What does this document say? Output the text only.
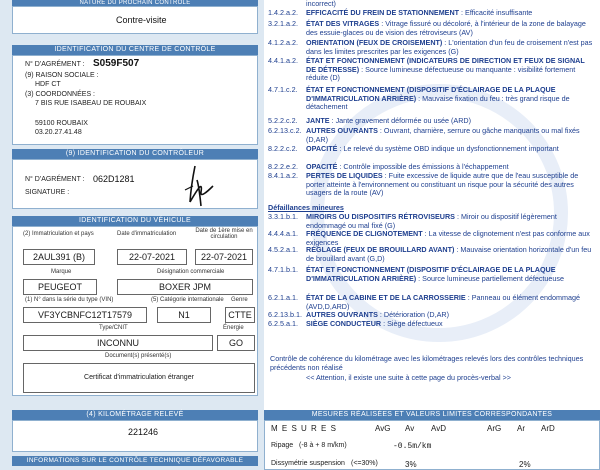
NATURE DU PROCHAIN CONTRÔLE
Contre-visite
IDENTIFICATION DU CENTRE DE CONTRÔLE
N° D'AGRÉMENT : S059F507
(9) RAISON SOCIALE :
HDF CT
(3) COORDONNÉES :
7 BIS RUE ISABEAU DE ROUBAIX
59100 ROUBAIX
03.20.27.41.48
(9) IDENTIFICATION DU CONTRÔLEUR
N° D'AGRÉMENT : 062D1281
SIGNATURE :
IDENTIFICATION DU VÉHICULE
(2) Immatriculation et pays	Date d'immatriculation	Date de 1ère mise en circulation
2AUL391 (B)	22-07-2021	22-07-2021
Marque	Désignation commerciale
PEUGEOT	BOXER JPM
(1) N° dans la série du type (VIN)	(5) Catégorie internationale Genre
VF3YCBNFC12T17579	N1	CTTE
Type/CNIT	Énergie
INCONNU	GO
Document(s) présenté(s)
Certificat d'immatriculation étranger
(4) KILOMÉTRAGE RELEVÉ
221246
INFORMATIONS SUR LE CONTRÔLE TECHNIQUE DÉFAVORABLE
incorrect)
1.4.2.a.2.	EFFICACITÉ DU FREIN DE STATIONNEMENT : Efficacité insuffisante
3.2.1.a.2.	ÉTAT DES VITRAGES : Vitrage fissuré ou décoloré, à l'intérieur de la zone de balayage des essuie-glaces ou de vision des rétroviseurs (AV)
4.1.2.a.2.	ORIENTATION (FEUX DE CROISEMENT) : L'orientation d'un feu de croisement n'est pas dans les limites prescrites par les exigences (G)
4.4.1.a.2.	ÉTAT ET FONCTIONNEMENT (INDICATEURS DE DIRECTION ET FEUX DE SIGNAL DE DÉTRESSE) : Source lumineuse défectueuse ou manquante : visibilité fortement réduite (D)
4.7.1.c.2.	ÉTAT ET FONCTIONNEMENT (DISPOSITIF D'ÉCLAIRAGE DE LA PLAQUE D'IMMATRICULATION ARRIÈRE) : Mauvaise fixation du feu : très grand risque de détachement
5.2.2.c.2.	JANTE : Jante gravement déformée ou usée (ARD)
6.2.13.c.2. AUTRES OUVRANTS : Ouvrant, charnière, serrure ou gâche manquants ou mal fixés (D,AR)
8.2.2.c.2.	OPACITÉ : Le relevé du système OBD indique un dysfonctionnement important
8.2.2.e.2.	OPACITÉ : Contrôle impossible des émissions à l'échappement
8.4.1.a.2.	PERTES DE LIQUIDES : Fuite excessive de liquide autre que de l'eau susceptible de porter atteinte à l'environnement ou constituant un risque pour la sécurité des autres usagers de la route (AV)
Défaillances mineures
3.3.1.b.1.	MIROIRS OU DISPOSITIFS RÉTROVISEURS : Miroir ou dispositif légèrement endommagé ou mal fixé (G)
4.4.4.a.1.	FRÉQUENCE DE CLIGNOTEMENT : La vitesse de clignotement n'est pas conforme aux exigences
4.5.2.a.1.	RÉGLAGE (FEUX DE BROUILLARD AVANT) : Mauvaise orientation horizontale d'un feu de brouillard avant (G,D)
4.7.1.b.1.	ÉTAT ET FONCTIONNEMENT (DISPOSITIF D'ÉCLAIRAGE DE LA PLAQUE D'IMMATRICULATION ARRIÈRE) : Source lumineuse partiellement défectueuse
6.2.1.a.1.	ÉTAT DE LA CABINE ET DE LA CARROSSERIE : Panneau ou élément endommagé (AVD,D,ARD)
6.2.13.b.1. AUTRES OUVRANTS : Détérioration (D,AR)
6.2.5.a.1.	SIÈGE CONDUCTEUR : Siège défectueux
Contrôle de cohérence du kilométrage avec les kilométrages relevés lors des contrôles techniques précédents non réalisé
<< Attention, il existe une suite à cette page du procès-verbal >>
MESURES RÉALISÉES ET VALEURS LIMITES CORRESPONDANTES
M E S U R E S	AvG Av AvD	ArG Ar ArD
Ripage (-8 à + 8 m/km)	-0.5m/km
Dissymétrie suspension (<=30%)	3%	2%
